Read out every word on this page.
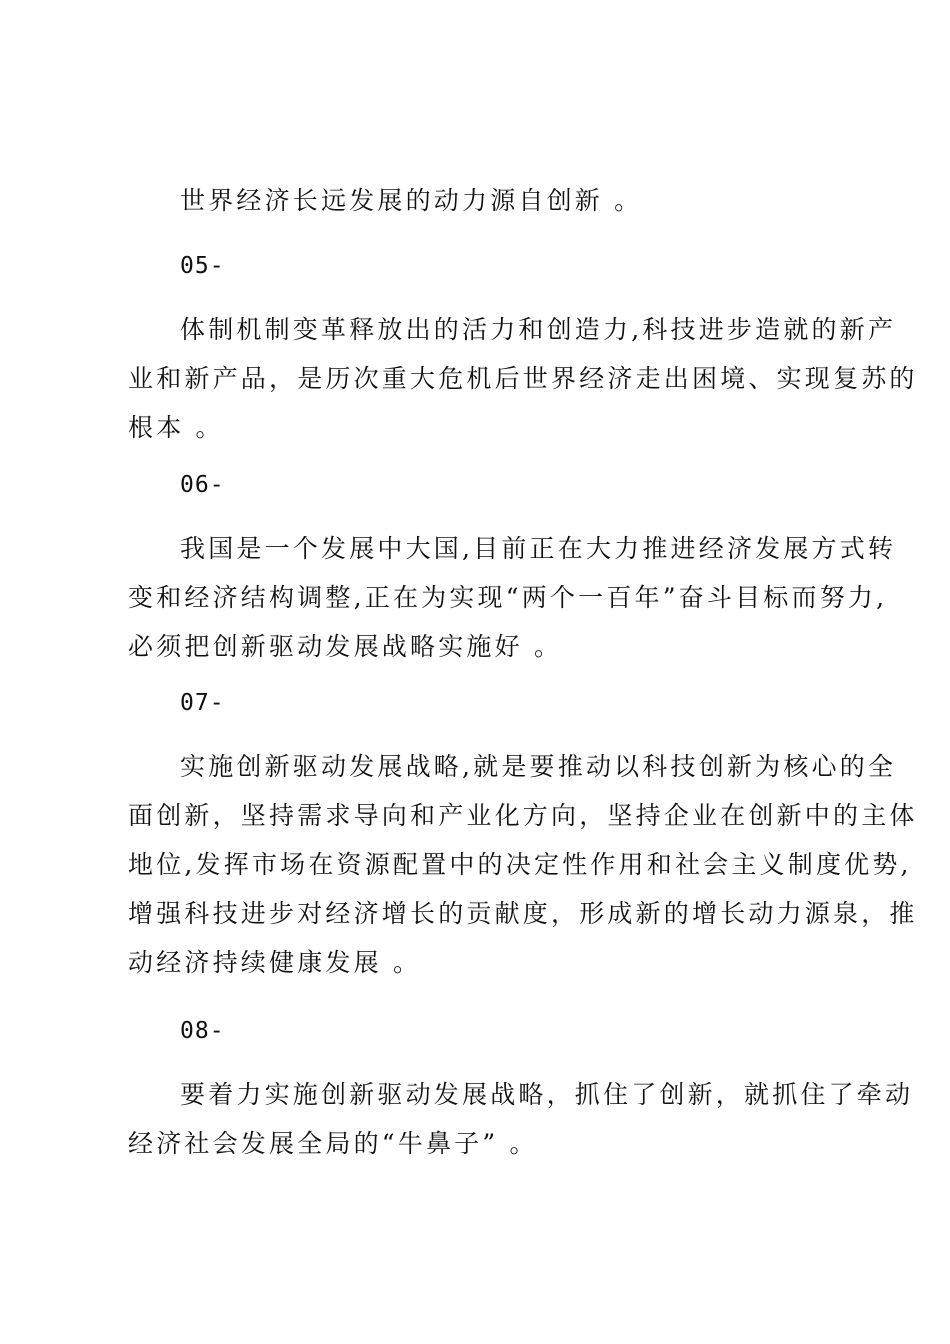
世界经济长远发展的动力源自创新 。

05-

体制机制变革释放出的活力和创造力,科技进步造就的新产
业和新产品，是历次重大危机后世界经济走出困境、实现复苏的
根本 。

06-

我国是一个发展中大国,目前正在大力推进经济发展方式转
变和经济结构调整,正在为实现“两个一百年”奋斗目标而努力,
必须把创新驱动发展战略实施好 。

07-

实施创新驱动发展战略,就是要推动以科技创新为核心的全
面创新，坚持需求导向和产业化方向，坚持企业在创新中的主体
地位,发挥市场在资源配置中的决定性作用和社会主义制度优势,
增强科技进步对经济增长的贡献度，形成新的增长动力源泉，推
动经济持续健康发展 。

08-

要着力实施创新驱动发展战略，抓住了创新，就抓住了牵动
经济社会发展全局的“牛鼻子” 。
